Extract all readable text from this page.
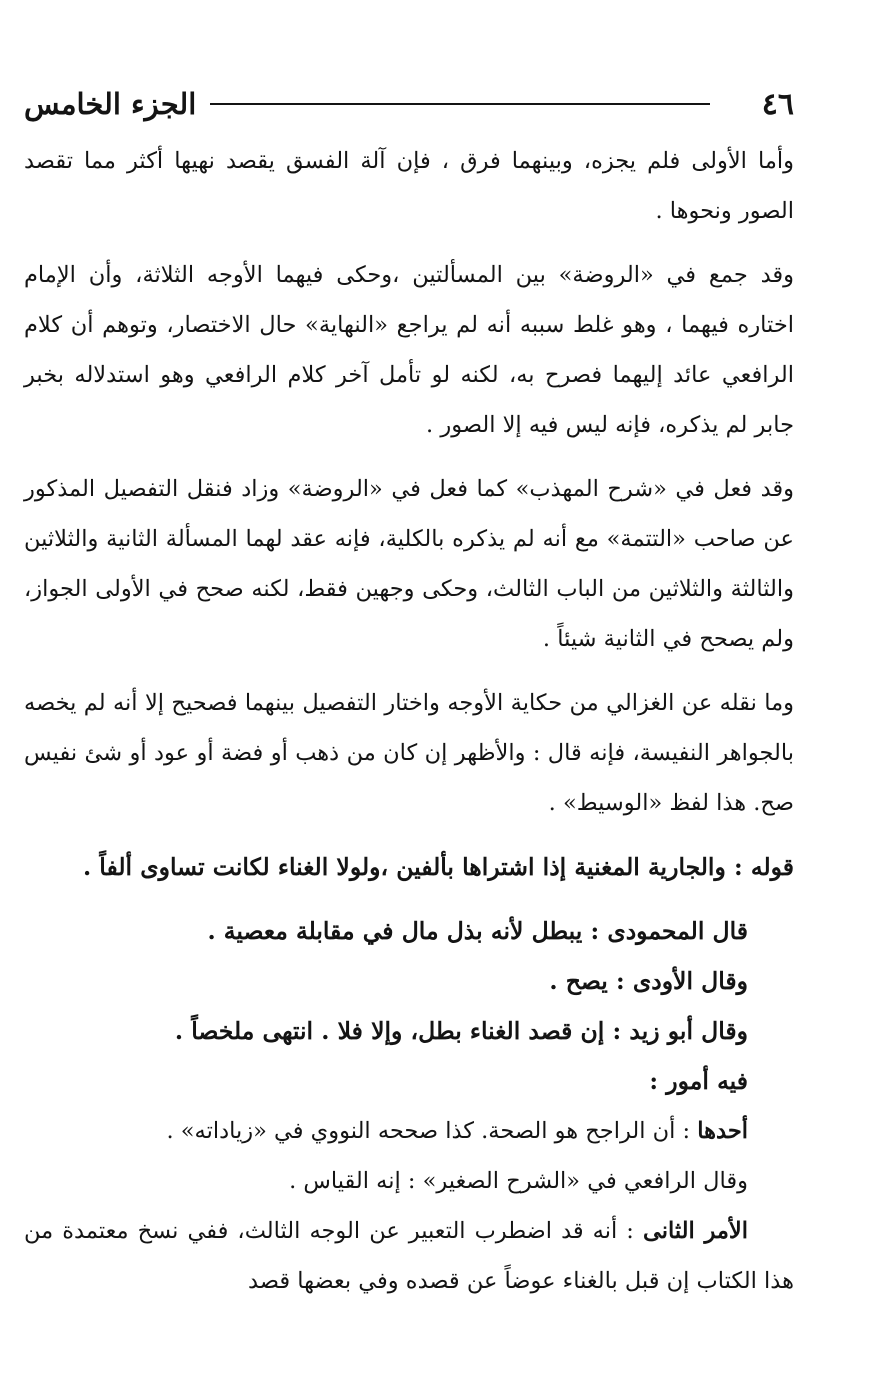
٤٦
الجزء الخامس

وأما الأولى فلم يجزه، وبينهما فرق ، فإن آلة الفسق يقصد نهيها أكثر مما تقصد الصور ونحوها .

وقد جمع في «الروضة» بين المسألتين ،وحكى فيهما الأوجه الثلاثة، وأن الإمام اختاره فيهما ، وهو غلط سببه أنه لم يراجع «النهاية» حال الاختصار، وتوهم أن كلام الرافعي عائد إليهما فصرح به، لكنه لو تأمل آخر كلام الرافعي وهو استدلاله بخبر جابر لم يذكره، فإنه ليس فيه إلا الصور .

وقد فعل في «شرح المهذب» كما فعل في «الروضة» وزاد فنقل التفصيل المذكور عن صاحب «التتمة» مع أنه لم يذكره بالكلية، فإنه عقد لهما المسألة الثانية والثلاثين والثالثة والثلاثين من الباب الثالث، وحكى وجهين فقط، لكنه صحح في الأولى الجواز، ولم يصحح في الثانية شيئاً .

وما نقله عن الغزالي من حكاية الأوجه واختار التفصيل بينهما فصحيح إلا أنه لم يخصه بالجواهر النفيسة، فإنه قال : والأظهر إن كان من ذهب أو فضة أو عود أو شئ نفيس صح. هذا لفظ «الوسيط» .

قوله : والجارية المغنية إذا اشتراها بألفين ،ولولا الغناء لكانت تساوى ألفاً .

قال المحمودى : يبطل لأنه بذل مال في مقابلة معصية .

وقال الأودى : يصح .

وقال أبو زيد : إن قصد الغناء بطل، وإلا فلا . انتهى ملخصاً .

فيه أمور :

أحدها : أن الراجح هو الصحة. كذا صححه النووي في «زياداته» .

وقال الرافعي في «الشرح الصغير» : إنه القياس .

الأمر الثانى : أنه قد اضطرب التعبير عن الوجه الثالث، ففي نسخ معتمدة من هذا الكتاب إن قبل بالغناء عوضاً عن قصده وفي بعضها قصد
